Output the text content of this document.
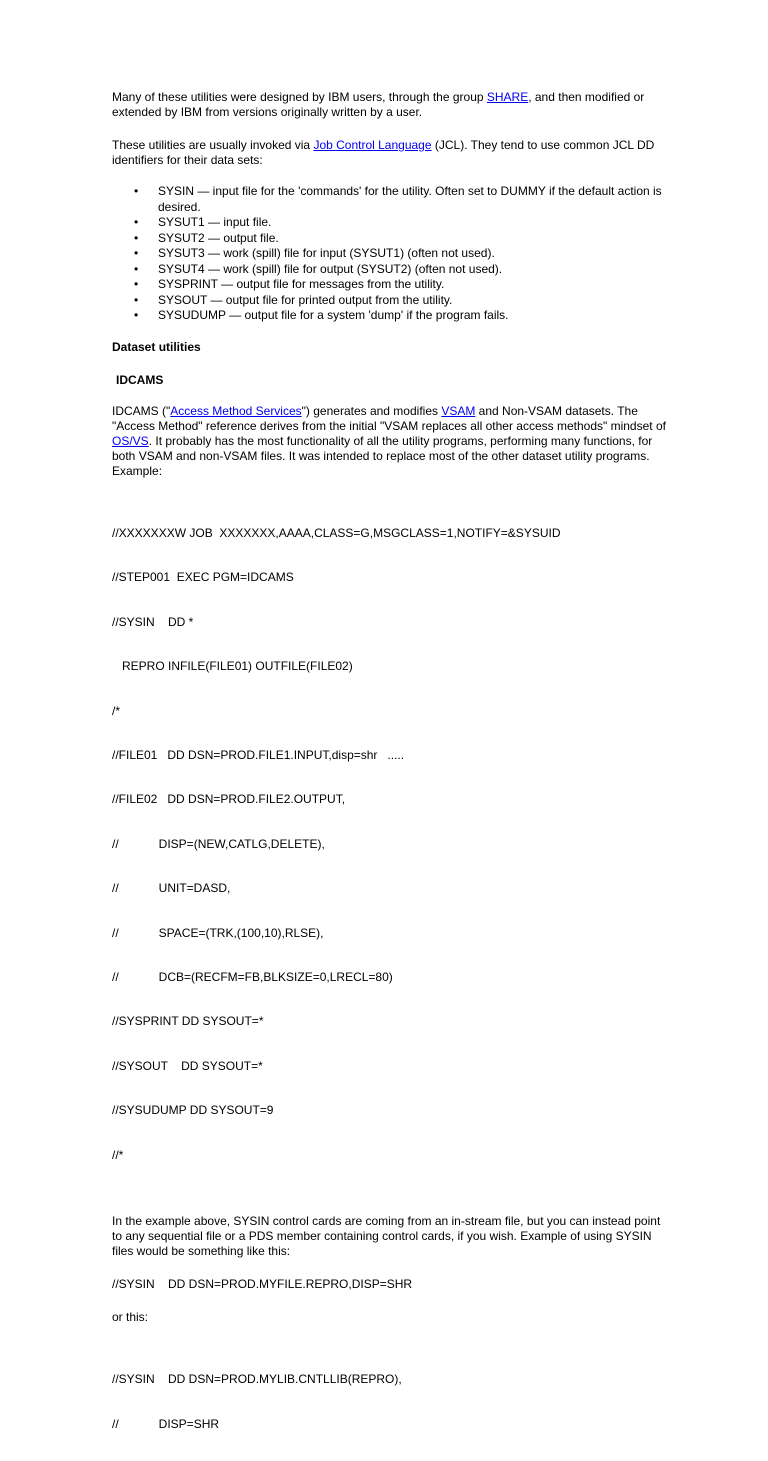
Many of these utilities were designed by IBM users, through the group SHARE, and then modified or extended by IBM from versions originally written by a user.

These utilities are usually invoked via Job Control Language (JCL). They tend to use common JCL DD identifiers for their data sets:

• SYSIN — input file for the 'commands' for the utility. Often set to DUMMY if the default action is desired.
• SYSUT1 — input file.
• SYSUT2 — output file.
• SYSUT3 — work (spill) file for input (SYSUT1) (often not used).
• SYSUT4 — work (spill) file for output (SYSUT2) (often not used).
• SYSPRINT — output file for messages from the utility.
• SYSOUT — output file for printed output from the utility.
• SYSUDUMP — output file for a system 'dump' if the program fails.

Dataset utilities

IDCAMS

IDCAMS ("Access Method Services") generates and modifies VSAM and Non-VSAM datasets. The "Access Method" reference derives from the initial "VSAM replaces all other access methods" mindset of OS/VS. It probably has the most functionality of all the utility programs, performing many functions, for both VSAM and non-VSAM files. It was intended to replace most of the other dataset utility programs. Example:

//XXXXXXXW JOB  XXXXXXX,AAAA,CLASS=G,MSGCLASS=1,NOTIFY=&SYSUID

//STEP001  EXEC PGM=IDCAMS

//SYSIN    DD *

REPRO INFILE(FILE01) OUTFILE(FILE02)

/*

//FILE01   DD DSN=PROD.FILE1.INPUT,disp=shr   .....

//FILE02   DD DSN=PROD.FILE2.OUTPUT,

//            DISP=(NEW,CATLG,DELETE),

//            UNIT=DASD,

//            SPACE=(TRK,(100,10),RLSE),

//            DCB=(RECFM=FB,BLKSIZE=0,LRECL=80)

//SYSPRINT DD SYSOUT=*

//SYSOUT    DD SYSOUT=*

//SYSUDUMP DD SYSOUT=9

//*

In the example above, SYSIN control cards are coming from an in-stream file, but you can instead point to any sequential file or a PDS member containing control cards, if you wish. Example of using SYSIN files would be something like this:

//SYSIN    DD DSN=PROD.MYFILE.REPRO,DISP=SHR

or this:

//SYSIN    DD DSN=PROD.MYLIB.CNTLLIB(REPRO),

//            DISP=SHR
